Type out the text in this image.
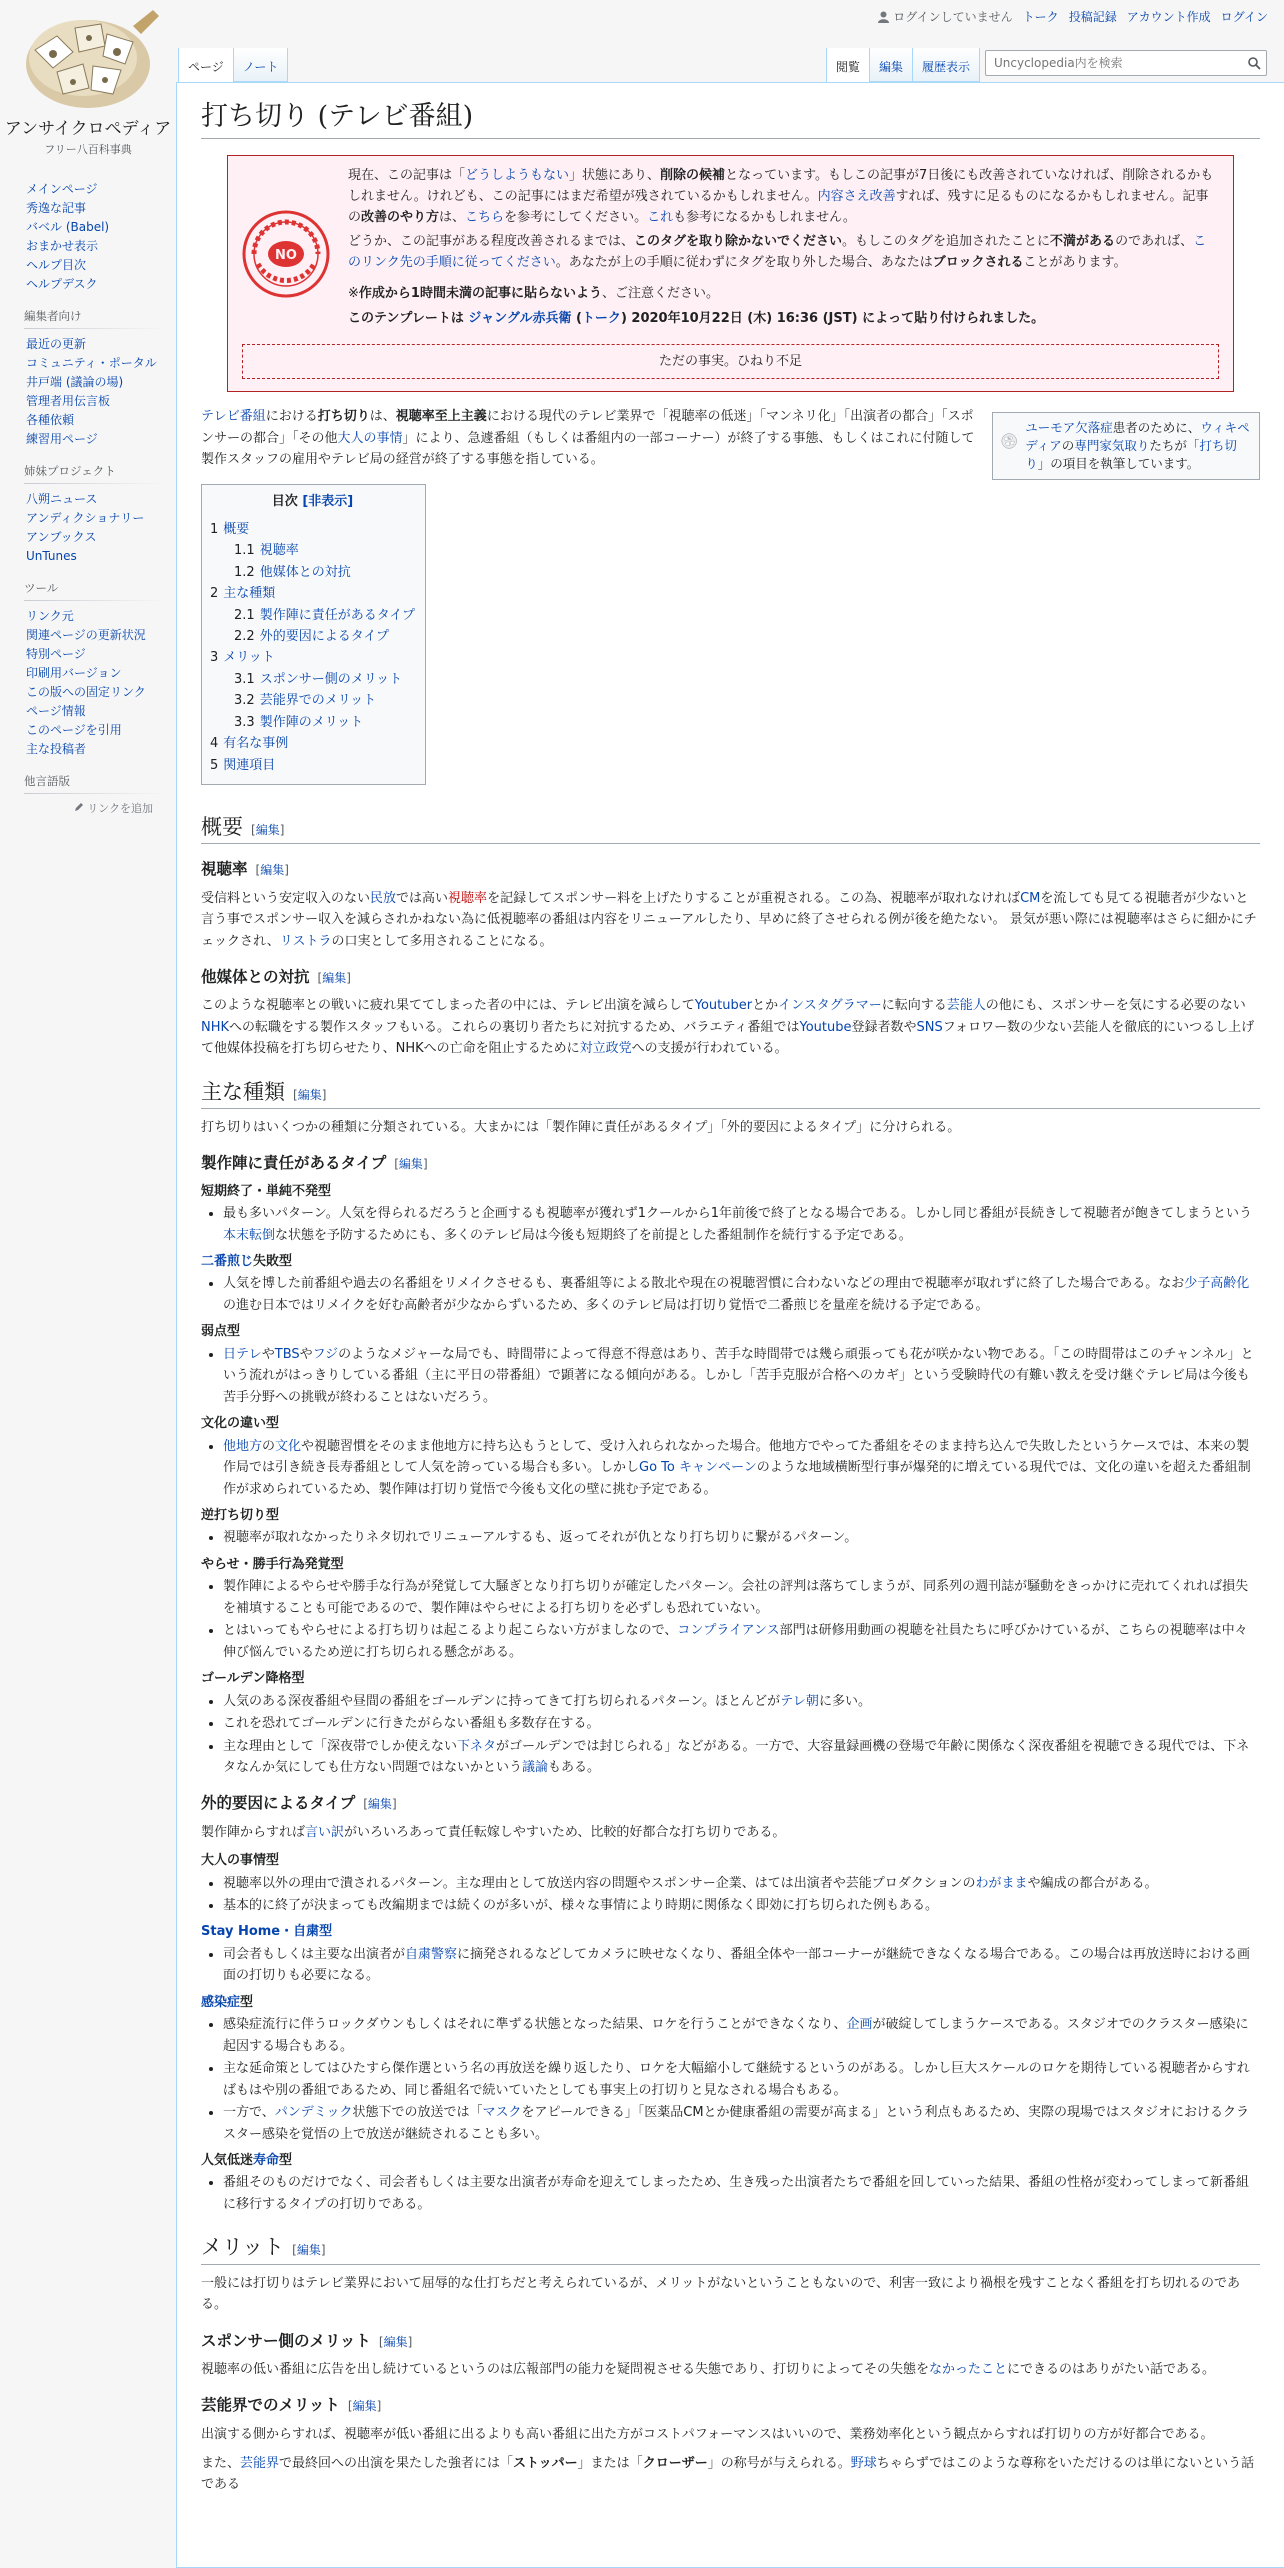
ログインしていません トーク 投稿記録 アカウント作成 ログイン
アンサイクロペディア
フリー八百科事典
ページ	ノート	閲覧	編集	履歴表示
Uncyclopedia内を検索
メインページ
秀逸な記事
バベル (Babel)
おまかせ表示
ヘルプ目次
ヘルプデスク
編集者向け
最近の更新
コミュニティ・ポータル
井戸端 (議論の場)
管理者用伝言板
各種依頼
練習用ページ
姉妹プロジェクト
八朔ニュース
アンディクショナリー
アンブックス
UnTunes
ツール
リンク元
関連ページの更新状況
特別ページ
印刷用バージョン
この版への固定リンク
ページ情報
このページを引用
主な投稿者
他言語版
リンクを追加
打ち切り (テレビ番組)
NO

現在、この記事は「どうしようもない」状態にあり、削除の候補となっています。もしこの記事が7日後にも改善されていなければ、削除されるかもしれません。けれども、この記事にはまだ希望が残されているかもしれません。内容さえ改善すれば、残すに足るものになるかもしれません。記事の改善のやり方は、こちらを参考にしてください。これも参考になるかもしれません。

どうか、この記事がある程度改善されるまでは、このタグを取り除かないでください。もしこのタグを追加されたことに不満があるのであれば、このリンク先の手順に従ってください。あなたが上の手順に従わずにタグを取り外した場合、あなたはブロックされることがあります。

※作成から1時間未満の記事に貼らないよう、ご注意ください。

このテンプレートは ジャングル赤兵衛 (トーク) 2020年10月22日 (木) 16:36 (JST) によって貼り付けられました。

ただの事実。ひねり不足
W
ユーモア欠落症患者のために、ウィキペディアの専門家気取りたちが「打ち切り」の項目を執筆しています。

テレビ番組における打ち切りは、視聴率至上主義における現代のテレビ業界で「視聴率の低迷」「マンネリ化」「出演者の都合」「スポンサーの都合」「その他大人の事情」により、急遽番組（もしくは番組内の一部コーナー）が終了する事態、もしくはこれに付随して製作スタッフの雇用やテレビ局の経営が終了する事態を指している。

目次 [非表示]
1 概要
1.1 視聴率
1.2 他媒体との対抗
2 主な種類
2.1 製作陣に責任があるタイプ
2.2 外的要因によるタイプ
3 メリット
3.1 スポンサー側のメリット
3.2 芸能界でのメリット
3.3 製作陣のメリット
4 有名な事例
5 関連項目
概要 [編集]
視聴率 [編集]

受信料という安定収入のない民放では高い視聴率を記録してスポンサー料を上げたりすることが重視される。この為、視聴率が取れなければCMを流しても見てる視聴者が少ないと言う事でスポンサー収入を減らされかねない為に低視聴率の番組は内容をリニューアルしたり、早めに終了させられる例が後を絶たない。 景気が悪い際には視聴率はさらに細かにチェックされ、リストラの口実として多用されることになる。

他媒体との対抗 [編集]

このような視聴率との戦いに疲れ果ててしまった者の中には、テレビ出演を減らしてYoutuberとかインスタグラマーに転向する芸能人の他にも、スポンサーを気にする必要のないNHKへの転職をする製作スタッフもいる。これらの裏切り者たちに対抗するため、バラエティ番組ではYoutube登録者数やSNSフォロワー数の少ない芸能人を徹底的にいつるし上げて他媒体投稿を打ち切らせたり、NHKへの亡命を阻止するために対立政党への支援が行われている。

主な種類 [編集]

打ち切りはいくつかの種類に分類されている。大まかには「製作陣に責任があるタイプ」「外的要因によるタイプ」に分けられる。

製作陣に責任があるタイプ [編集]
短期終了・単純不発型
• 最も多いパターン。人気を得られるだろうと企画するも視聴率が獲れず1クールから1年前後で終了となる場合である。しかし同じ番組が長続きして視聴者が飽きてしまうという本末転倒な状態を予防するためにも、多くのテレビ局は今後も短期終了を前提とした番組制作を続行する予定である。
二番煎じ失敗型
• 人気を博した前番組や過去の名番組をリメイクさせるも、裏番組等による散北や現在の視聴習慣に合わないなどの理由で視聴率が取れずに終了した場合である。なお少子高齢化の進む日本ではリメイクを好む高齢者が少なからずいるため、多くのテレビ局は打切り覚悟で二番煎じを量産を続ける予定である。
弱点型
• 日テレやTBSやフジのようなメジャーな局でも、時間帯によって得意不得意はあり、苦手な時間帯では幾ら頑張っても花が咲かない物である。「この時間帯はこのチャンネル」という流れがはっきりしている番組（主に平日の帯番組）で顕著になる傾向がある。しかし「苦手克服が合格へのカギ」という受験時代の有難い教えを受け継ぐテレビ局は今後も苦手分野への挑戦が終わることはないだろう。
文化の違い型
• 他地方の文化や視聴習慣をそのまま他地方に持ち込もうとして、受け入れられなかった場合。他地方でやってた番組をそのまま持ち込んで失敗したというケースでは、本来の製作局では引き続き長寿番組として人気を誇っている場合も多い。しかしGo To キャンペーンのような地域横断型行事が爆発的に増えている現代では、文化の違いを超えた番組制作が求められているため、製作陣は打切り覚悟で今後も文化の壁に挑む予定である。
逆打ち切り型
• 視聴率が取れなかったりネタ切れでリニューアルするも、返ってそれが仇となり打ち切りに繋がるパターン。
やらせ・勝手行為発覚型
• 製作陣によるやらせや勝手な行為が発覚して大騒ぎとなり打ち切りが確定したパターン。会社の評判は落ちてしまうが、同系列の週刊誌が騒動をきっかけに売れてくれれば損失を補填することも可能であるので、製作陣はやらせによる打ち切りを必ずしも恐れていない。
• とはいってもやらせによる打ち切りは起こるより起こらない方がましなので、コンプライアンス部門は研修用動画の視聴を社員たちに呼びかけているが、こちらの視聴率は中々伸び悩んでいるため逆に打ち切られる懸念がある。
ゴールデン降格型
• 人気のある深夜番組や昼間の番組をゴールデンに持ってきて打ち切られるパターン。ほとんどがテレ朝に多い。
• これを恐れてゴールデンに行きたがらない番組も多数存在する。
• 主な理由として「深夜帯でしか使えない下ネタがゴールデンでは封じられる」などがある。一方で、大容量録画機の登場で年齢に関係なく深夜番組を視聴できる現代では、下ネタなんか気にしても仕方ない問題ではないかという議論もある。
外的要因によるタイプ [編集]

製作陣からすれば言い訳がいろいろあって責任転嫁しやすいため、比較的好都合な打ち切りである。

大人の事情型
• 視聴率以外の理由で潰されるパターン。主な理由として放送内容の問題やスポンサー企業、はては出演者や芸能プロダクションのわがままや編成の都合がある。
• 基本的に終了が決まっても改編期までは続くのが多いが、様々な事情により時期に関係なく即効に打ち切られた例もある。
Stay Home・自粛型
• 司会者もしくは主要な出演者が自粛警察に摘発されるなどしてカメラに映せなくなり、番組全体や一部コーナーが継続できなくなる場合である。この場合は再放送時における画面の打切りも必要になる。
感染症型
• 感染症流行に伴うロックダウンもしくはそれに準ずる状態となった結果、ロケを行うことができなくなり、企画が破綻してしまうケースである。スタジオでのクラスター感染に起因する場合もある。
• 主な延命策としてはひたすら傑作選という名の再放送を繰り返したり、ロケを大幅縮小して継続するというのがある。しかし巨大スケールのロケを期待している視聴者からすればもはや別の番組であるため、同じ番組名で続いていたとしても事実上の打切りと見なされる場合もある。
• 一方で、パンデミック状態下での放送では「マスクをアピールできる」「医薬品CMとか健康番組の需要が高まる」という利点もあるため、実際の現場ではスタジオにおけるクラスター感染を覚悟の上で放送が継続されることも多い。
人気低迷寿命型
• 番組そのものだけでなく、司会者もしくは主要な出演者が寿命を迎えてしまったため、生き残った出演者たちで番組を回していった結果、番組の性格が変わってしまって新番組に移行するタイプの打切りである。
メリット [編集]

一般には打切りはテレビ業界において屈辱的な仕打ちだと考えられているが、メリットがないということもないので、利害一致により禍根を残すことなく番組を打ち切れるのである。

スポンサー側のメリット [編集]

視聴率の低い番組に広告を出し続けているというのは広報部門の能力を疑問視させる失態であり、打切りによってその失態をなかったことにできるのはありがたい話である。

芸能界でのメリット [編集]

出演する側からすれば、視聴率が低い番組に出るよりも高い番組に出た方がコストパフォーマンスはいいので、業務効率化という観点からすれば打切りの方が好都合である。

また、芸能界で最終回への出演を果たした強者には「ストッパー」または「クローザー」の称号が与えられる。野球ちゃらずではこのような尊称をいただけるのは単にないという話である
